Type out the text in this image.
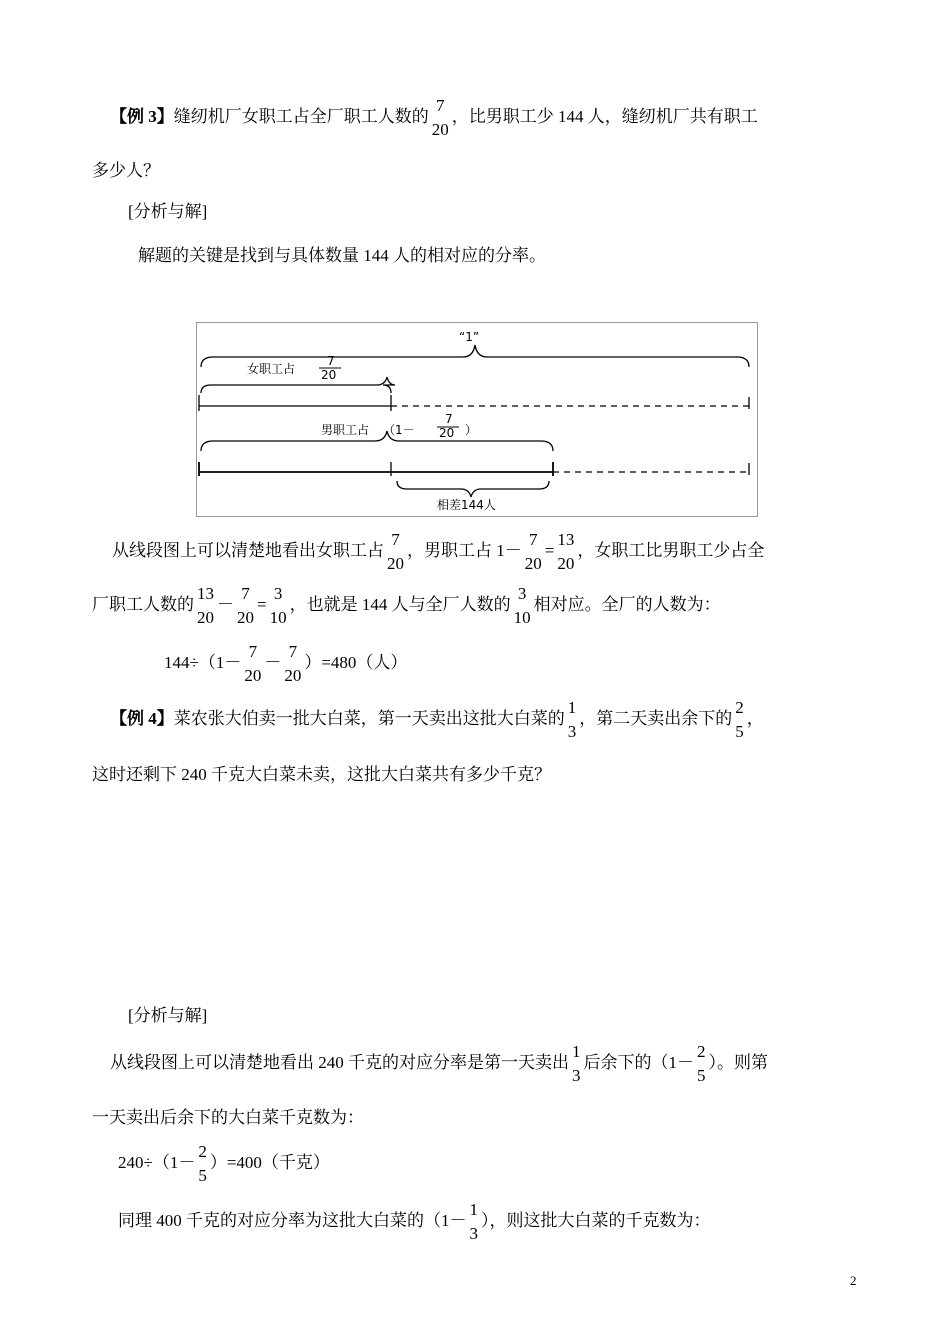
【例 3】缝纫机厂女职工占全厂职工人数的
7
20
，比男职工少 144 人，缝纫机厂共有职工
多少人？
[分析与解]
解题的关键是找到与具体数量 144 人的相对应的分率。
“1”
女职工占
7
20
男职工占 （1－
7
20 ）
相差144人
从线段图上可以清楚地看出女职工占
7
20
，男职工占 1－
7
20
=
13
20
，女职工比男职工少占全
厂职工人数的
13
20
－
7
20
=
3
10
，也就是 144 人与全厂人数的
3
10
相对应。全厂的人数为：
144÷（1－
7
20
－
7
20
）=480（人）
【例 4】菜农张大伯卖一批大白菜，第一天卖出这批大白菜的
1
3
，第二天卖出余下的
2
5
，
这时还剩下 240 千克大白菜未卖，这批大白菜共有多少千克？
[分析与解]
从线段图上可以清楚地看出 240 千克的对应分率是第一天卖出
1
3
后余下的（1－
2
5
）。则第
一天卖出后余下的大白菜千克数为：
240÷（1－
2
5
）=400（千克）
同理 400 千克的对应分率为这批大白菜的（1－
1
3
），则这批大白菜的千克数为：
2
